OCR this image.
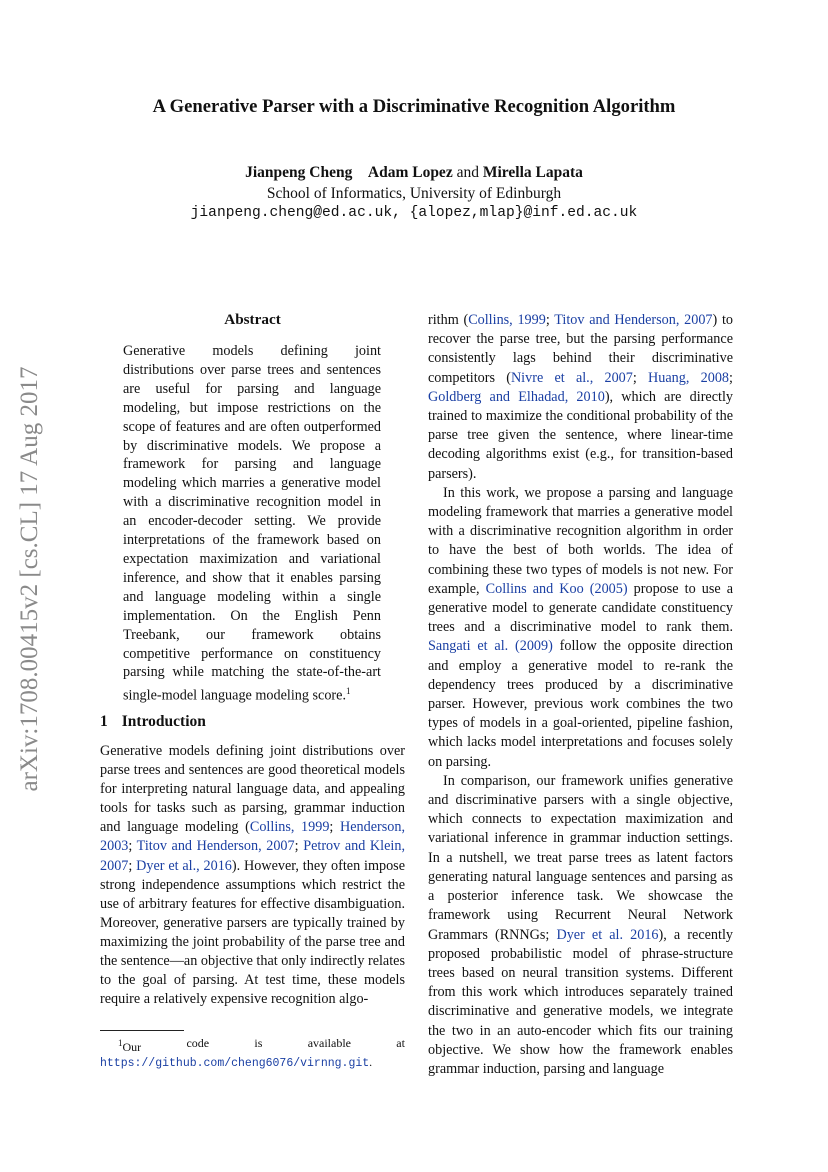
A Generative Parser with a Discriminative Recognition Algorithm
Jianpeng Cheng Adam Lopez and Mirella Lapata
School of Informatics, University of Edinburgh
jianpeng.cheng@ed.ac.uk, {alopez,mlap}@inf.ed.ac.uk
arXiv:1708.00415v2 [cs.CL] 17 Aug 2017
Abstract
Generative models defining joint distributions over parse trees and sentences are useful for parsing and language modeling, but impose restrictions on the scope of features and are often outperformed by discriminative models. We propose a framework for parsing and language modeling which marries a generative model with a discriminative recognition model in an encoder-decoder setting. We provide interpretations of the framework based on expectation maximization and variational inference, and show that it enables parsing and language modeling within a single implementation. On the English Penn Treebank, our framework obtains competitive performance on constituency parsing while matching the state-of-the-art single-model language modeling score.$^1$
1 Introduction
Generative models defining joint distributions over parse trees and sentences are good theoretical models for interpreting natural language data, and appealing tools for tasks such as parsing, grammar induction and language modeling (Collins, 1999; Henderson, 2003; Titov and Henderson, 2007; Petrov and Klein, 2007; Dyer et al., 2016). However, they often impose strong independence assumptions which restrict the use of arbitrary features for effective disambiguation. Moreover, generative parsers are typically trained by maximizing the joint probability of the parse tree and the sentence—an objective that only indirectly relates to the goal of parsing. At test time, these models require a relatively expensive recognition algo-

rithm (Collins, 1999; Titov and Henderson, 2007) to recover the parse tree, but the parsing performance consistently lags behind their discriminative competitors (Nivre et al., 2007; Huang, 2008; Goldberg and Elhadad, 2010), which are directly trained to maximize the conditional probability of the parse tree given the sentence, where linear-time decoding algorithms exist (e.g., for transition-based parsers).

In this work, we propose a parsing and language modeling framework that marries a generative model with a discriminative recognition algorithm in order to have the best of both worlds. The idea of combining these two types of models is not new. For example, Collins and Koo (2005) propose to use a generative model to generate candidate constituency trees and a discriminative model to rank them. Sangati et al. (2009) follow the opposite direction and employ a generative model to re-rank the dependency trees produced by a discriminative parser. However, previous work combines the two types of models in a goal-oriented, pipeline fashion, which lacks model interpretations and focuses solely on parsing.

In comparison, our framework unifies generative and discriminative parsers with a single objective, which connects to expectation maximization and variational inference in grammar induction settings. In a nutshell, we treat parse trees as latent factors generating natural language sentences and parsing as a posterior inference task. We showcase the framework using Recurrent Neural Network Grammars (RNNGs; Dyer et al. 2016), a recently proposed probabilistic model of phrase-structure trees based on neural transition systems. Different from this work which introduces separately trained discriminative and generative models, we integrate the two in an auto-encoder which fits our training objective. We show how the framework enables grammar induction, parsing and language

$^1$Our	code	is	available	at
https://github.com/cheng6076/virnng.git.
